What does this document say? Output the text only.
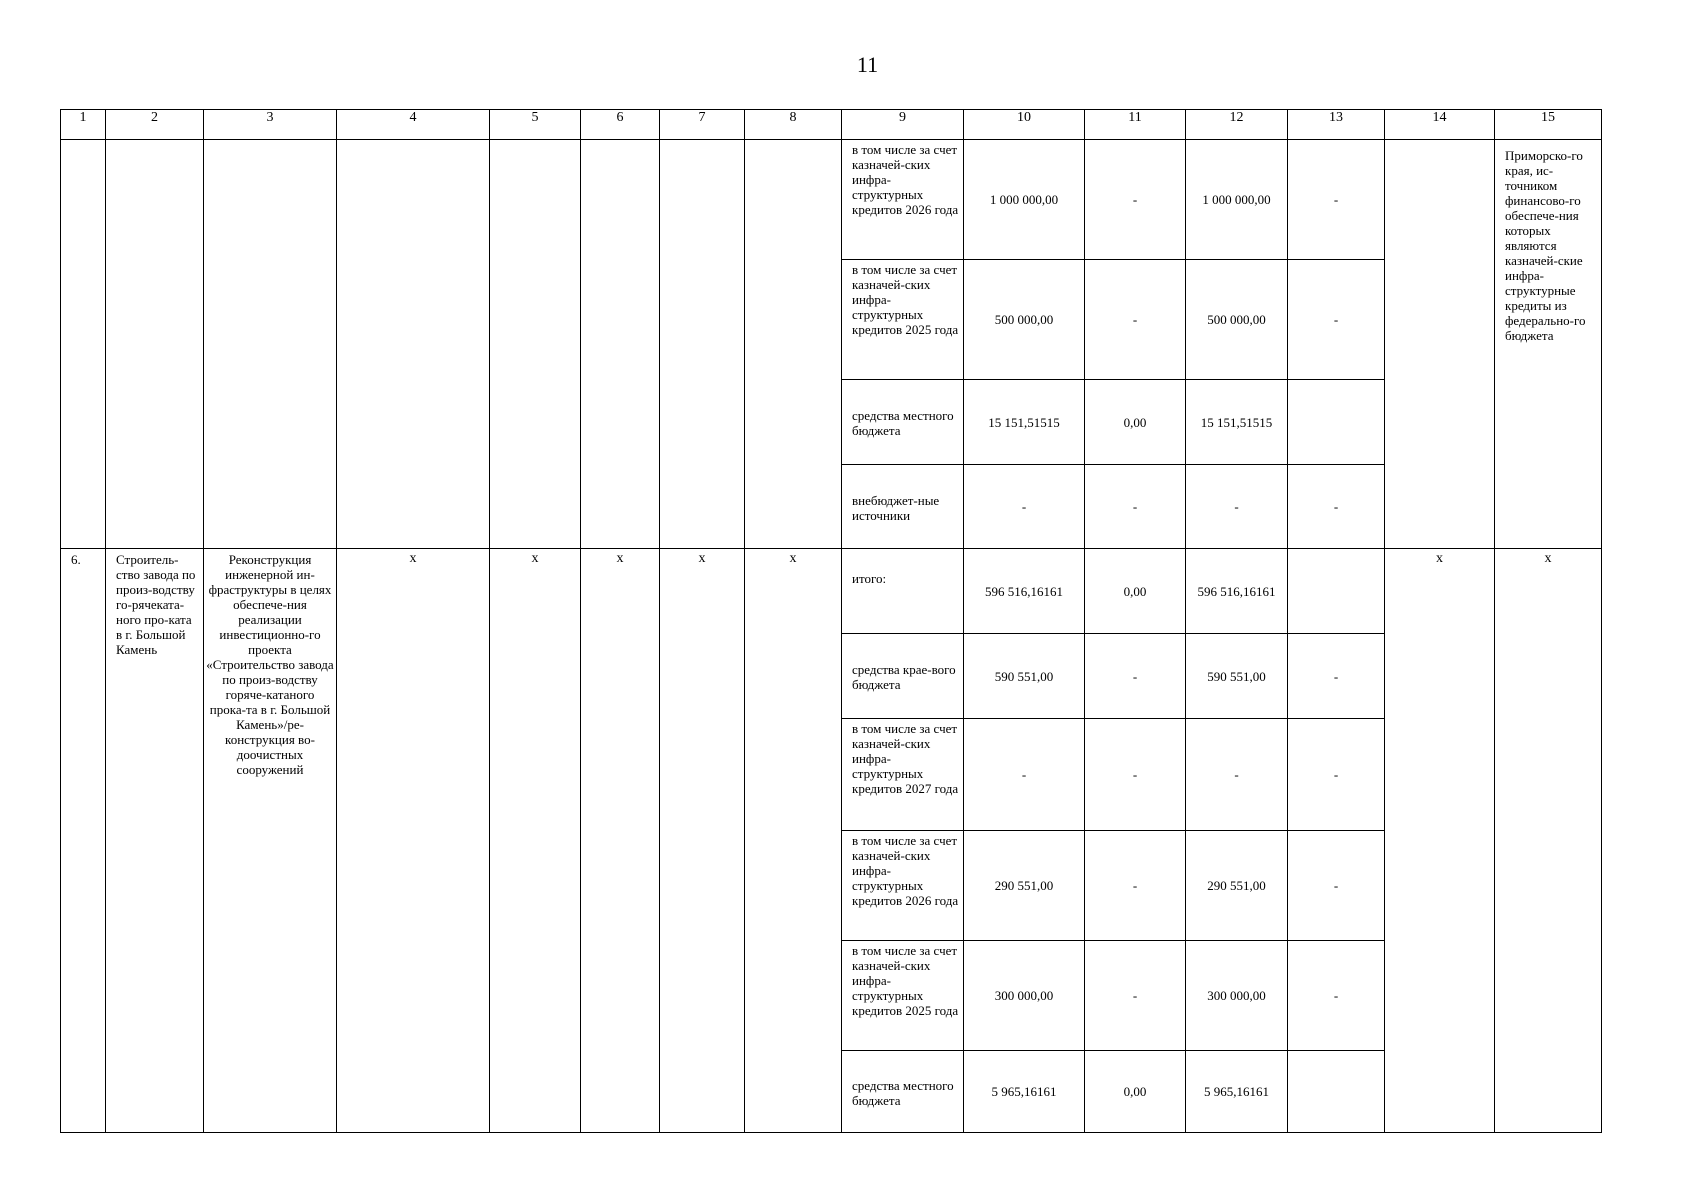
11
1	2	3	4	5	6	7	8	9	10	11	12	13	14	15
								в том числе за счет казначей-ских инфра-структурных кредитов 2026 года	1 000 000,00	-	1 000 000,00	-		Приморско-го края, ис-точником финансово-го обеспече-ния которых являются казначей-ские инфра-структурные кредиты из федерально-го бюджета
								в том числе за счет казначей-ских инфра-структурных кредитов 2025 года	500 000,00	-	500 000,00	-		
								средства местного бюджета	15 151,51515	0,00	15 151,51515			
								внебюджет-ные источники	-	-	-	-		
6.	Строитель-ство завода по произ-водству го-рячеката-ного про-ката в г. Большой Камень	Реконструкция инженерной ин-фраструктуры в целях обеспече-ния реализации инвестиционно-го проекта «Строительство завода по произ-водству горяче-катаного прока-та в г. Большой Камень»/ре-конструкция во-доочистных сооружений	x	x	x	x	x	итого:	596 516,16161	0,00	596 516,16161		x	x
								средства крае-вого бюджета	590 551,00	-	590 551,00	-		
								в том числе за счет казначей-ских инфра-структурных кредитов 2027 года	-	-	-	-		
								в том числе за счет казначей-ских инфра-структурных кредитов 2026 года	290 551,00	-	290 551,00	-		
								в том числе за счет казначей-ских инфра-структурных кредитов 2025 года	300 000,00	-	300 000,00	-		
								средства местного бюджета	5 965,16161	0,00	5 965,16161			
